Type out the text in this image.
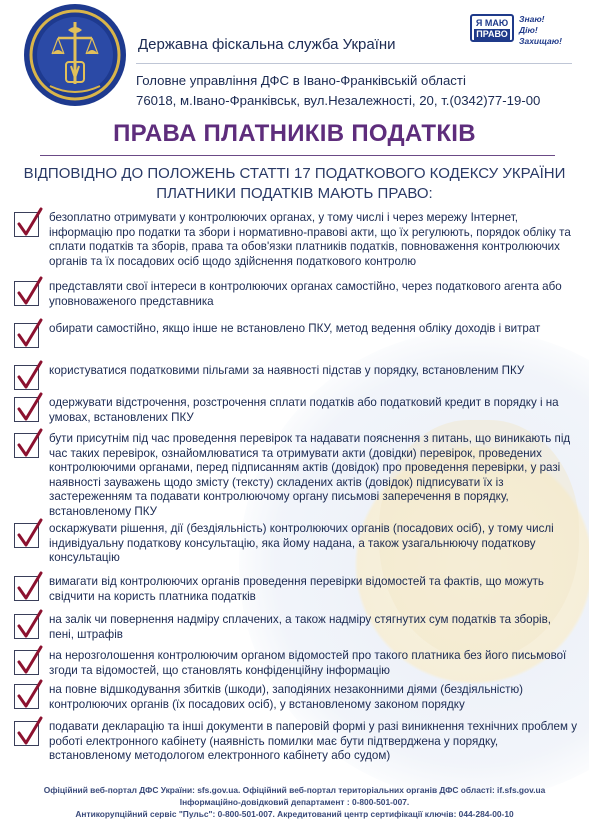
Державна фіскальна служба України
Я МАЮ
ПРАВО
Знаю!
Дію!
Захищаю!
Головне управління ДФС в Івано-Франківській області
76018, м.Івано-Франківськ, вул.Незалежності, 20, т.(0342)77-19-00
ПРАВА ПЛАТНИКІВ ПОДАТКІВ
ВІДПОВІДНО ДО ПОЛОЖЕНЬ СТАТТІ 17 ПОДАТКОВОГО КОДЕКСУ УКРАЇНИ
ПЛАТНИКИ ПОДАТКІВ МАЮТЬ ПРАВО:
безоплатно отримувати у контролюючих органах, у тому числі і через мережу Інтернет, інформацію про податки та збори і нормативно-правові акти, що їх регулюють, порядок обліку та сплати податків та зборів, права та обов'язки платників податків, повноваження контролюючих органів та їх посадових осіб щодо здійснення податкового контролю
представляти свої інтереси в контролюючих органах самостійно, через податкового агента або уповноваженого представника
обирати самостійно, якщо інше не встановлено ПКУ, метод ведення обліку доходів і витрат
користуватися податковими пільгами за наявності підстав у порядку, встановленим ПКУ
одержувати відстрочення, розстрочення сплати податків або податковий кредит в порядку і на умовах, встановлених ПКУ
бути присутнім під час проведення перевірок та надавати пояснення з питань, що виникають під час таких перевірок, ознайомлюватися та отримувати акти (довідки) перевірок, проведених контролюючими органами, перед підписанням актів (довідок) про проведення перевірки, у разі наявності зауважень щодо змісту (тексту) складених актів (довідок) підписувати їх із застереженням та подавати контролюючому органу письмові заперечення в порядку, встановленому ПКУ
оскаржувати рішення, дії (бездіяльність) контролюючих органів (посадових осіб), у тому числі індивідуальну податкову консультацію, яка йому надана, а також узагальнюючу податкову консультацію
вимагати від контролюючих органів проведення перевірки відомостей та фактів, що можуть свідчити на користь платника податків
на залік чи повернення надміру сплачених, а також надміру стягнутих сум податків та зборів, пені, штрафів
на нерозголошення контролюючим органом відомостей про такого платника без його письмової згоди та відомостей, що становлять конфіденційну інформацію
на повне відшкодування збитків (шкоди), заподіяних незаконними діями (бездіяльністю) контролюючих органів (їх посадових осіб), у встановленому законом порядку
подавати декларацію та інші документи в паперовій формі у разі виникнення технічних проблем у роботі електронного кабінету (наявність помилки має бути підтверджена у порядку, встановленому методологом електронного кабінету або судом)
Офіційний веб-портал ДФС України: sfs.gov.ua. Офіційний веб-портал територіальних органів ДФС області: if.sfs.gov.ua
Інформаційно-довідковий департамент : 0-800-501-007.
Антикорупційний сервіс "Пульс": 0-800-501-007. Акредитований центр сертифікації ключів: 044-284-00-10
